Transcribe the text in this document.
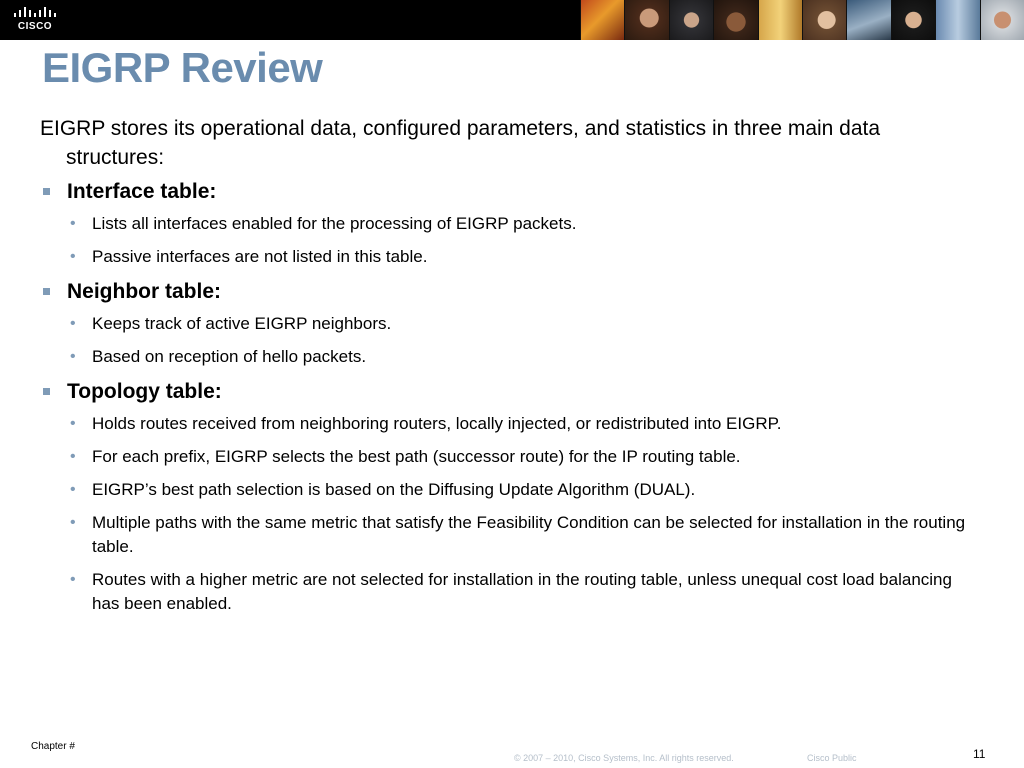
CISCO
EIGRP Review

EIGRP stores its operational data, configured parameters, and statistics in three main data structures:

Interface table:
• Lists all interfaces enabled for the processing of EIGRP packets.
• Passive interfaces are not listed in this table.
Neighbor table:
• Keeps track of active EIGRP neighbors.
• Based on reception of hello packets.
Topology table:
• Holds routes received from neighboring routers, locally injected, or redistributed into EIGRP.
• For each prefix, EIGRP selects the best path (successor route) for the IP routing table.
• EIGRP’s best path selection is based on the Diffusing Update Algorithm (DUAL).
• Multiple paths with the same metric that satisfy the Feasibility Condition can be selected for installation in the routing table.
• Routes with a higher metric are not selected for installation in the routing table, unless unequal cost load balancing has been enabled.
Chapter #
© 2007 – 2010, Cisco Systems, Inc. All rights reserved.	Cisco Public	11
